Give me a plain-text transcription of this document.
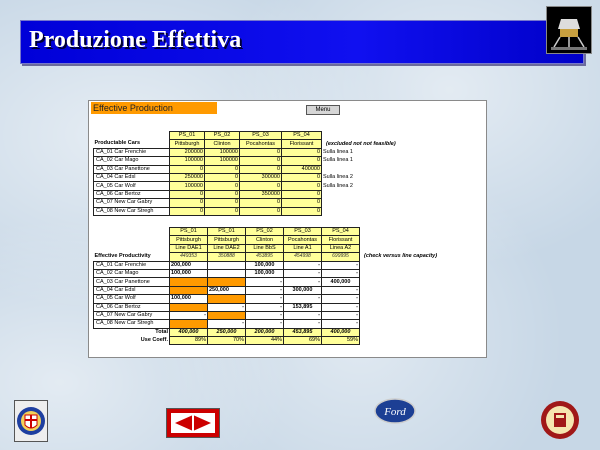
Produzione Effettiva
Effective Production	Menu
	PS_01	PS_02	PS_03	PS_04	
Productable Cars	Pittsburgh	Clinton	Pocahontas	Florissant	(excluded not not feasible)
CA_01 Car Frenchie	200000	100000	0	0	Sulla linea 1
CA_02 Car Mago	100000	100000	0	0	Sulla linea 1
CA_03 Car Panettone	0	0	0	400000	
CA_04 Car Edsl	250000	0	300000	0	Sulla linea 2
CA_05 Car Wolf	100000	0	0	0	Sulla linea 2
CA_06 Car Bertoz	0	0	350000	0	
CA_07 New Car Gabry	0	0	0	0	
CA_08 New Car Stregh	0	0	0	0	
	PS_01	PS_01	PS_02	PS_03	PS_04	
	Pittsburgh	Pittsburgh	Clinton	Pocahontas	Florissant	
	Line DAE1	Line DAE2	Line BbS	Line A1	Linea A2	
Effective Productivity	449353	350888	453895	454998	699995	(check versus line capacity)
CA_01 Car Frenchie	200,000		100,000	-	-	
CA_02 Car Mago	100,000		100,000	-	-	
CA_03 Car Panettone			-	-	400,000	
CA_04 Car Edsl		250,000	-	300,000	-	
CA_05 Car Wolf	100,000		-	-	-	
CA_06 Car Bertoz		-	-	153,895	-	
CA_07 New Car Gabry	-		-	-	-	
CA_08 New Car Stregh		-	-	-	-	
Total	400,000	250,000	200,000	453,895	400,000	
Use Coeff.	89%	70%	44%	69%	59%	
Ford
